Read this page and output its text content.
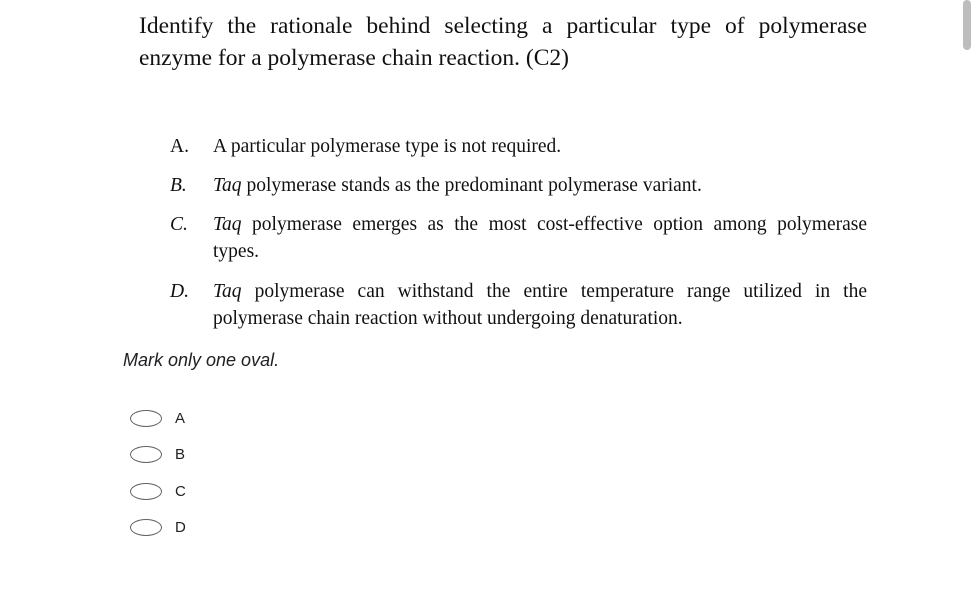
Identify the rationale behind selecting a particular type of polymerase enzyme for a polymerase chain reaction. (C2)
A. A particular polymerase type is not required.
B. Taq polymerase stands as the predominant polymerase variant.
C. Taq polymerase emerges as the most cost-effective option among polymerase types.
D. Taq polymerase can withstand the entire temperature range utilized in the polymerase chain reaction without undergoing denaturation.
Mark only one oval.
A
B
C
D
